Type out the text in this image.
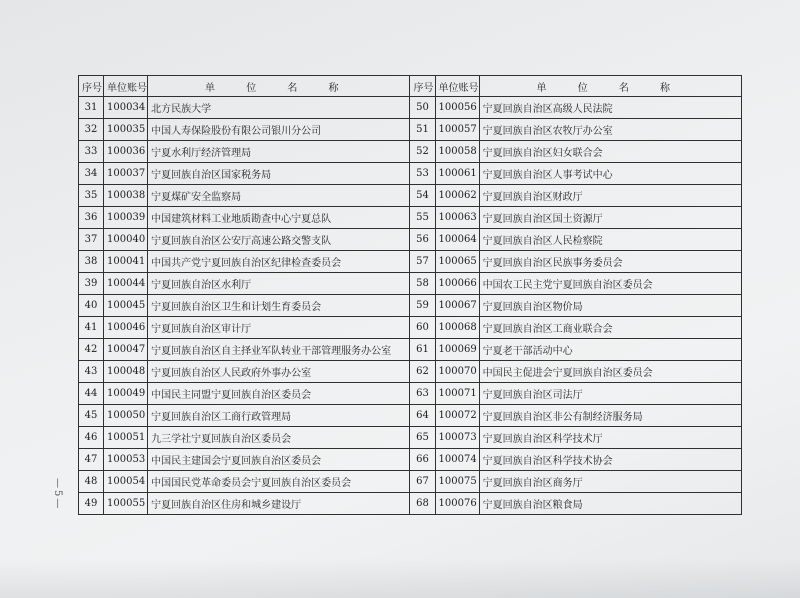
—5—
序号	单位账号	单 位 名 称	序号	单位账号	单 位 名 称
31	100034	北方民族大学	50	100056	宁夏回族自治区高级人民法院
32	100035	中国人寿保险股份有限公司银川分公司	51	100057	宁夏回族自治区农牧厅办公室
33	100036	宁夏水利厅经济管理局	52	100058	宁夏回族自治区妇女联合会
34	100037	宁夏回族自治区国家税务局	53	100061	宁夏回族自治区人事考试中心
35	100038	宁夏煤矿安全监察局	54	100062	宁夏回族自治区财政厅
36	100039	中国建筑材料工业地质勘查中心宁夏总队	55	100063	宁夏回族自治区国土资源厅
37	100040	宁夏回族自治区公安厅高速公路交警支队	56	100064	宁夏回族自治区人民检察院
38	100041	中国共产党宁夏回族自治区纪律检查委员会	57	100065	宁夏回族自治区民族事务委员会
39	100044	宁夏回族自治区水利厅	58	100066	中国农工民主党宁夏回族自治区委员会
40	100045	宁夏回族自治区卫生和计划生育委员会	59	100067	宁夏回族自治区物价局
41	100046	宁夏回族自治区审计厅	60	100068	宁夏回族自治区工商业联合会
42	100047	宁夏回族自治区自主择业军队转业干部管理服务办公室	61	100069	宁夏老干部活动中心
43	100048	宁夏回族自治区人民政府外事办公室	62	100070	中国民主促进会宁夏回族自治区委员会
44	100049	中国民主同盟宁夏回族自治区委员会	63	100071	宁夏回族自治区司法厅
45	100050	宁夏回族自治区工商行政管理局	64	100072	宁夏回族自治区非公有制经济服务局
46	100051	九三学社宁夏回族自治区委员会	65	100073	宁夏回族自治区科学技术厅
47	100053	中国民主建国会宁夏回族自治区委员会	66	100074	宁夏回族自治区科学技术协会
48	100054	中国国民党革命委员会宁夏回族自治区委员会	67	100075	宁夏回族自治区商务厅
49	100055	宁夏回族自治区住房和城乡建设厅	68	100076	宁夏回族自治区粮食局
